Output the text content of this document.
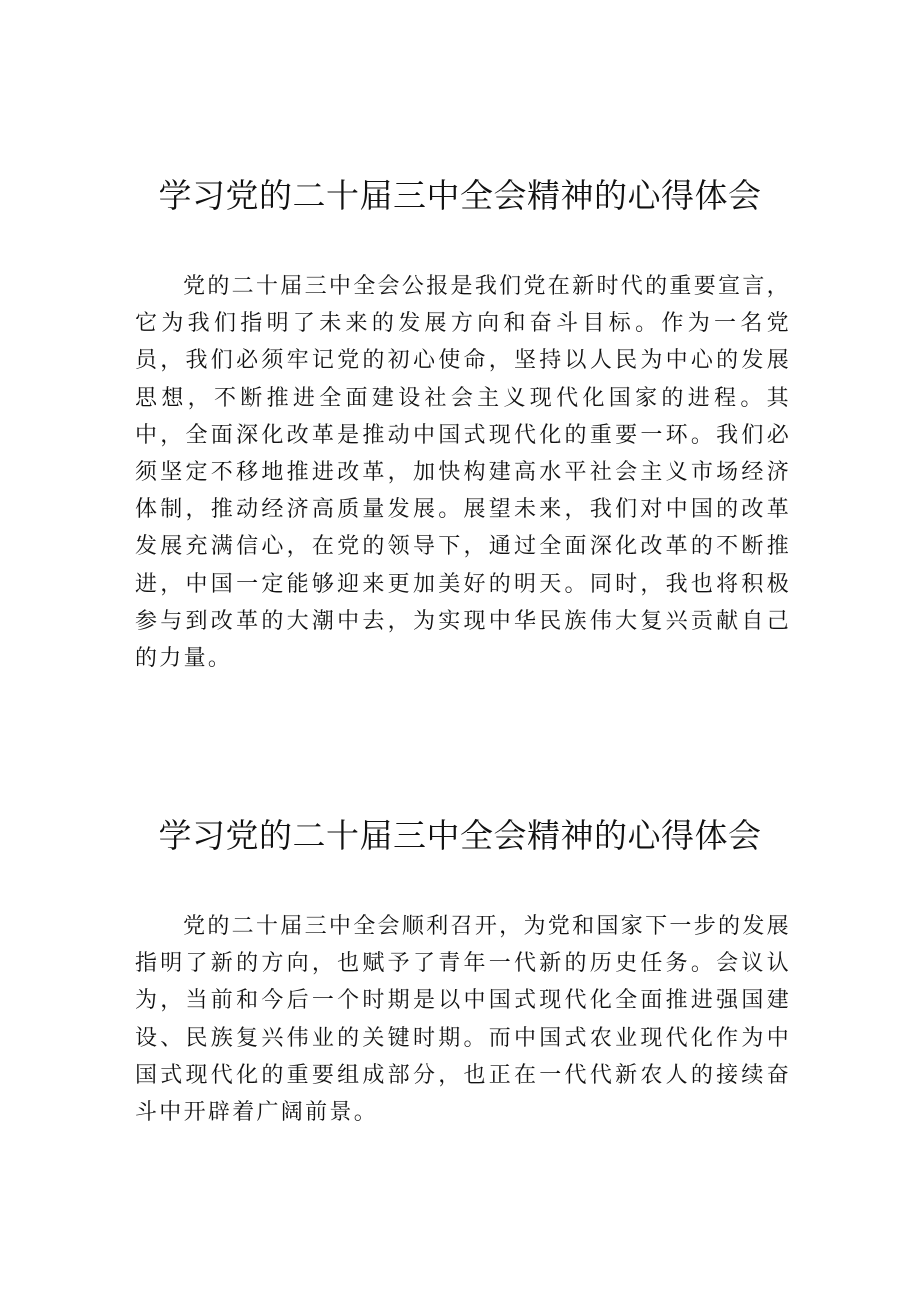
学习党的二十届三中全会精神的心得体会

党的二十届三中全会公报是我们党在新时代的重要宣言，它为我们指明了未来的发展方向和奋斗目标。作为一名党员，我们必须牢记党的初心使命，坚持以人民为中心的发展思想，不断推进全面建设社会主义现代化国家的进程。其中，全面深化改革是推动中国式现代化的重要一环。我们必须坚定不移地推进改革，加快构建高水平社会主义市场经济体制，推动经济高质量发展。展望未来，我们对中国的改革发展充满信心，在党的领导下，通过全面深化改革的不断推进，中国一定能够迎来更加美好的明天。同时，我也将积极参与到改革的大潮中去，为实现中华民族伟大复兴贡献自己的力量。

学习党的二十届三中全会精神的心得体会

党的二十届三中全会顺利召开，为党和国家下一步的发展指明了新的方向，也赋予了青年一代新的历史任务。会议认为，当前和今后一个时期是以中国式现代化全面推进强国建设、民族复兴伟业的关键时期。而中国式农业现代化作为中国式现代化的重要组成部分，也正在一代代新农人的接续奋斗中开辟着广阔前景。
